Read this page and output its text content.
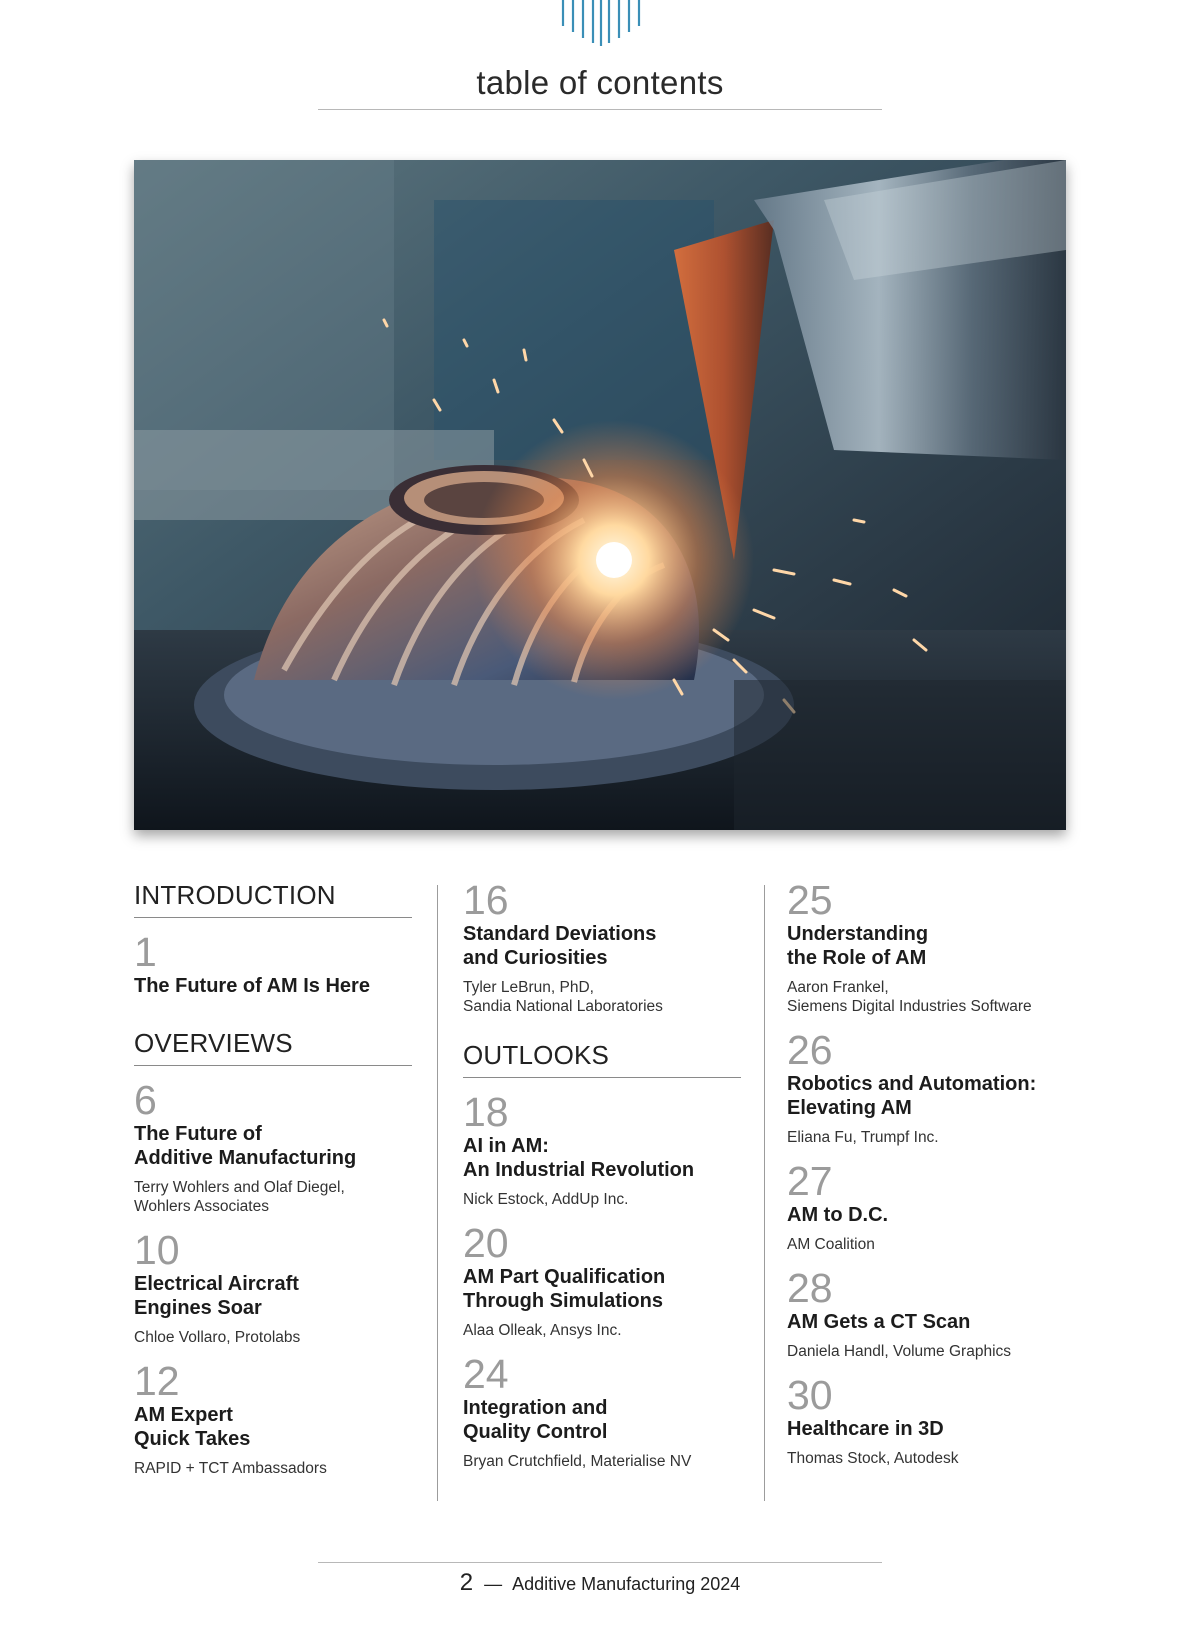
table of contents
INTRODUCTION
1
The Future of AM Is Here
OVERVIEWS
6
The Future of
Additive Manufacturing
Terry Wohlers and Olaf Diegel,
Wohlers Associates
10
Electrical Aircraft
Engines Soar
Chloe Vollaro, Protolabs
12
AM Expert
Quick Takes
RAPID + TCT Ambassadors
16
Standard Deviations
and Curiosities
Tyler LeBrun, PhD,
Sandia National Laboratories
OUTLOOKS
18
AI in AM:
An Industrial Revolution
Nick Estock, AddUp Inc.
20
AM Part Qualification
Through Simulations
Alaa Olleak, Ansys Inc.
24
Integration and
Quality Control
Bryan Crutchfield, Materialise NV
25
Understanding
the Role of AM
Aaron Frankel,
Siemens Digital Industries Software
26
Robotics and Automation:
Elevating AM
Eliana Fu, Trumpf Inc.
27
AM to D.C.
AM Coalition
28
AM Gets a CT Scan
Daniela Handl, Volume Graphics
30
Healthcare in 3D
Thomas Stock, Autodesk
2 — Additive Manufacturing 2024
